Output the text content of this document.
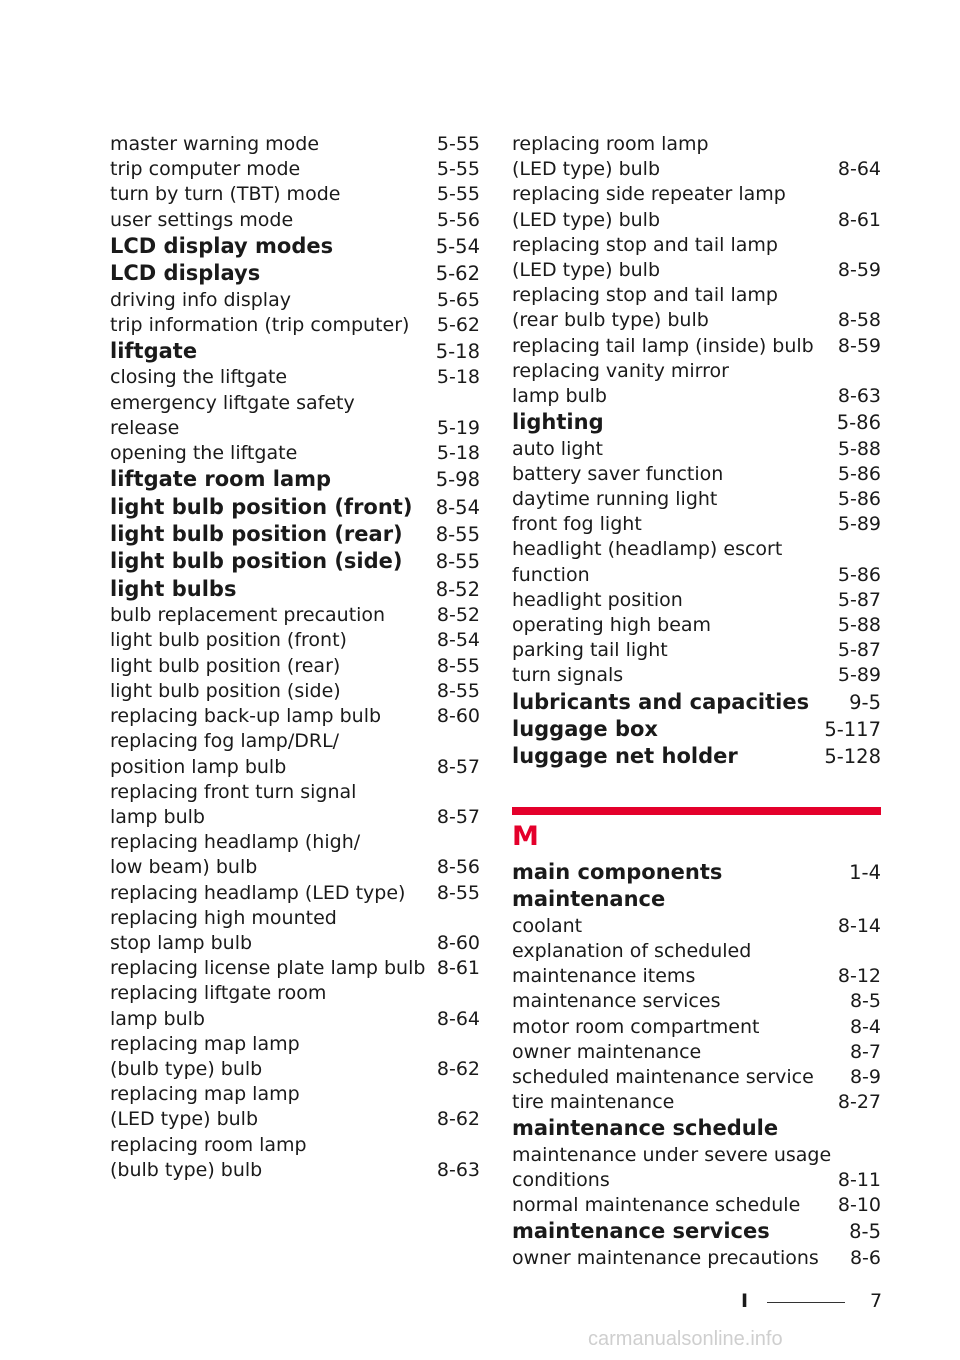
master warning mode	5-55
trip computer mode	5-55
turn by turn (TBT) mode	5-55
user settings mode	5-56
LCD display modes	5-54
LCD displays	5-62
driving info display	5-65
trip information (trip computer) 5-62
liftgate	5-18
closing the liftgate	5-18
emergency liftgate safety
release	5-19
opening the liftgate	5-18
liftgate room lamp	5-98
light bulb position (front) 8-54
light bulb position (rear) 8-55
light bulb position (side) 8-55
light bulbs	8-52
bulb replacement precaution	8-52
light bulb position (front)	8-54
light bulb position (rear)	8-55
light bulb position (side)	8-55
replacing back-up lamp bulb	8-60
replacing fog lamp/DRL/
position lamp bulb	8-57
replacing front turn signal
lamp bulb	8-57
replacing headlamp (high/
low beam) bulb	8-56
replacing headlamp (LED type) 8-55
replacing high mounted
stop lamp bulb	8-60
replacing license plate lamp bulb 8-61
replacing liftgate room
lamp bulb	8-64
replacing map lamp
(bulb type) bulb	8-62
replacing map lamp
(LED type) bulb	8-62
replacing room lamp
(bulb type) bulb	8-63
replacing room lamp
(LED type) bulb	8-64
replacing side repeater lamp
(LED type) bulb	8-61
replacing stop and tail lamp
(LED type) bulb	8-59
replacing stop and tail lamp
(rear bulb type) bulb	8-58
replacing tail lamp (inside) bulb 8-59
replacing vanity mirror
lamp bulb	8-63
lighting	5-86
auto light	5-88
battery saver function	5-86
daytime running light	5-86
front fog light	5-89
headlight (headlamp) escort
function	5-86
headlight position	5-87
operating high beam	5-88
parking tail light	5-87
turn signals	5-89
lubricants and capacities 9-5
luggage box	5-117
luggage net holder	5-128
M
main components	1-4
maintenance
coolant	8-14
explanation of scheduled
maintenance items	8-12
maintenance services	8-5
motor room compartment	8-4
owner maintenance	8-7
scheduled maintenance service 8-9
tire maintenance	8-27
maintenance schedule
maintenance under severe usage
conditions	8-11
normal maintenance schedule 8-10
maintenance services	8-5
owner maintenance precautions 8-6
I	7
carmanualsonline.info
